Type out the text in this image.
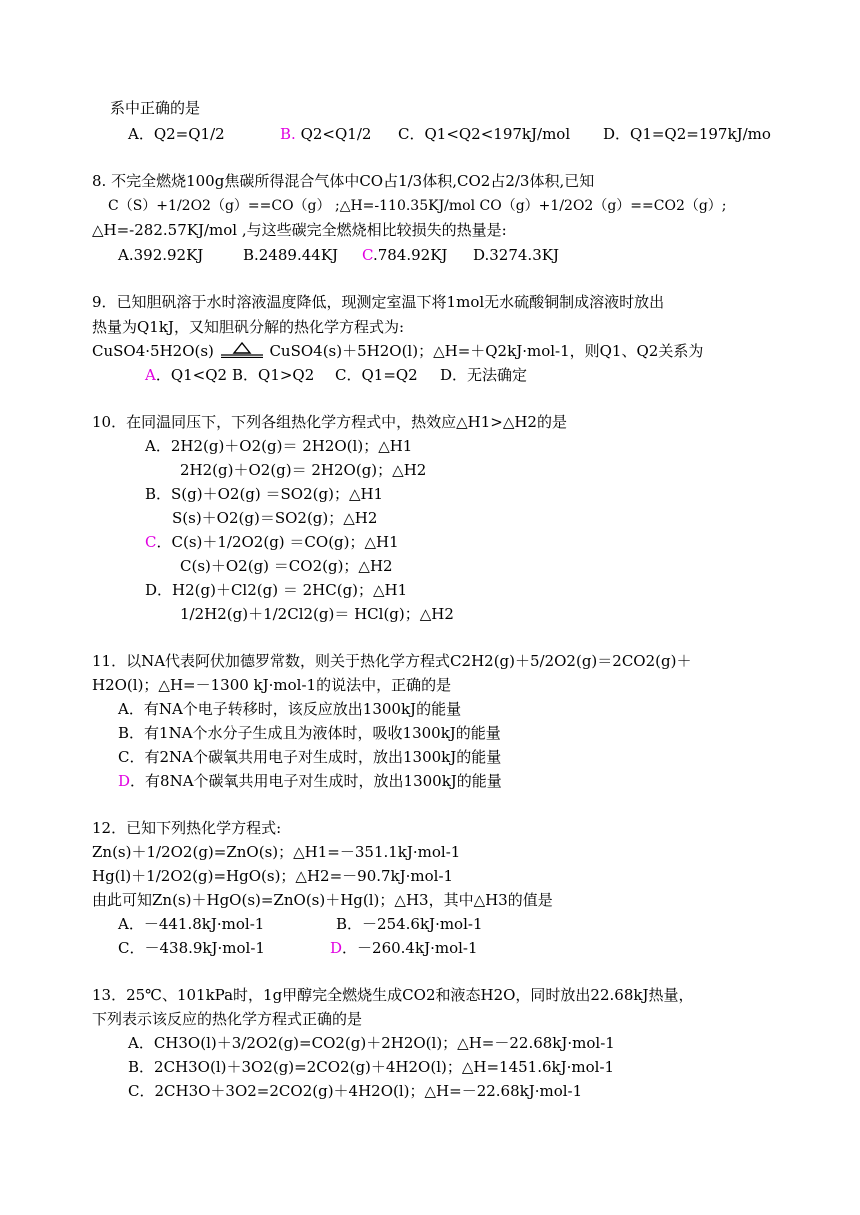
系中正确的是
A．Q2=Q1/2	B. Q2<Q1/2 C．Q1<Q2<197kJ/mol D．Q1=Q2=197kJ/mo
8. 不完全燃烧100g焦碳所得混合气体中CO占1/3体积,CO2占2/3体积,已知
C（S）+1/2O2（g）==CO（g） ;△H=-110.35KJ/mol CO（g）+1/2O2（g）==CO2（g）;
△H=-282.57KJ/mol ,与这些碳完全燃烧相比较损失的热量是:
A.392.92KJ	B.2489.44KJ C.784.92KJ D.3274.3KJ
9．已知胆矾溶于水时溶液温度降低，现测定室温下将1mol无水硫酸铜制成溶液时放出
热量为Q1kJ，又知胆矾分解的热化学方程式为:
CuSO4·5H2O(s)	CuSO4(s)＋5H2O(l)；△H=＋Q2kJ·mol-1，则Q1、Q2关系为
A．Q1<Q2 B．Q1>Q2 C．Q1=Q2 D．无法确定
10．在同温同压下，下列各组热化学方程式中，热效应△H1>△H2的是
A．2H2(g)＋O2(g)＝ 2H2O(l)；△H1
2H2(g)＋O2(g)＝ 2H2O(g)；△H2
B．S(g)＋O2(g) ＝SO2(g)；△H1
S(s)＋O2(g)＝SO2(g)；△H2
C．C(s)＋1/2O2(g) ＝CO(g)；△H1
C(s)＋O2(g) ＝CO2(g)；△H2
D．H2(g)＋Cl2(g) ＝ 2HC(g)；△H1
1/2H2(g)＋1/2Cl2(g)＝ HCl(g)；△H2
11．以NA代表阿伏加德罗常数，则关于热化学方程式C2H2(g)＋5/2O2(g)＝2CO2(g)＋
H2O(l)；△H=－1300 kJ·mol-1的说法中，正确的是
A．有NA个电子转移时，该反应放出1300kJ的能量
B．有1NA个水分子生成且为液体时，吸收1300kJ的能量
C．有2NA个碳氧共用电子对生成时，放出1300kJ的能量
D．有8NA个碳氧共用电子对生成时，放出1300kJ的能量
12．已知下列热化学方程式:
Zn(s)＋1/2O2(g)=ZnO(s)；△H1=－351.1kJ·mol-1
Hg(l)＋1/2O2(g)=HgO(s)；△H2=－90.7kJ·mol-1
由此可知Zn(s)＋HgO(s)=ZnO(s)＋Hg(l)；△H3，其中△H3的值是
A．－441.8kJ·mol-1	B．－254.6kJ·mol-1
C．－438.9kJ·mol-1	D．－260.4kJ·mol-1
13．25℃、101kPa时，1g甲醇完全燃烧生成CO2和液态H2O，同时放出22.68kJ热量，
下列表示该反应的热化学方程式正确的是
A．CH3O(l)＋3/2O2(g)=CO2(g)＋2H2O(l)；△H=－22.68kJ·mol-1
B．2CH3O(l)＋3O2(g)=2CO2(g)＋4H2O(l)；△H=1451.6kJ·mol-1
C．2CH3O＋3O2=2CO2(g)＋4H2O(l)；△H=－22.68kJ·mol-1
